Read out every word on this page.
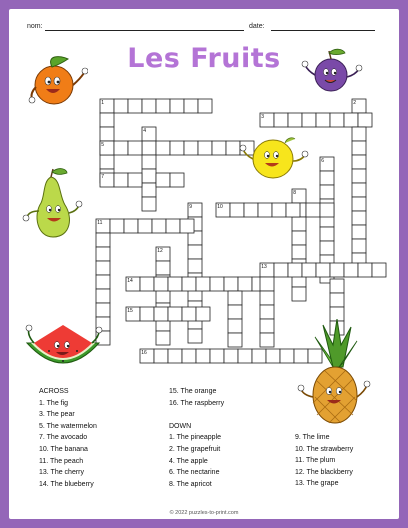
nom:	date:
Les Fruits
1	2
3
4
5
6
7
8
9	10
11
12
13
14
15
16
ACROSS
1. The fig
3. The pear
5. The watermelon
7. The avocado
10. The banana
11. The peach
13. The cherry
14. The blueberry
15. The orange
16. The raspberry
DOWN
1. The pineapple
2. The grapefruit
4. The apple
6. The nectarine
8. The apricot
9. The lime
10. The strawberry
11. The plum
12. The blackberry
13. The grape
© 2022 puzzles-to-print.com
